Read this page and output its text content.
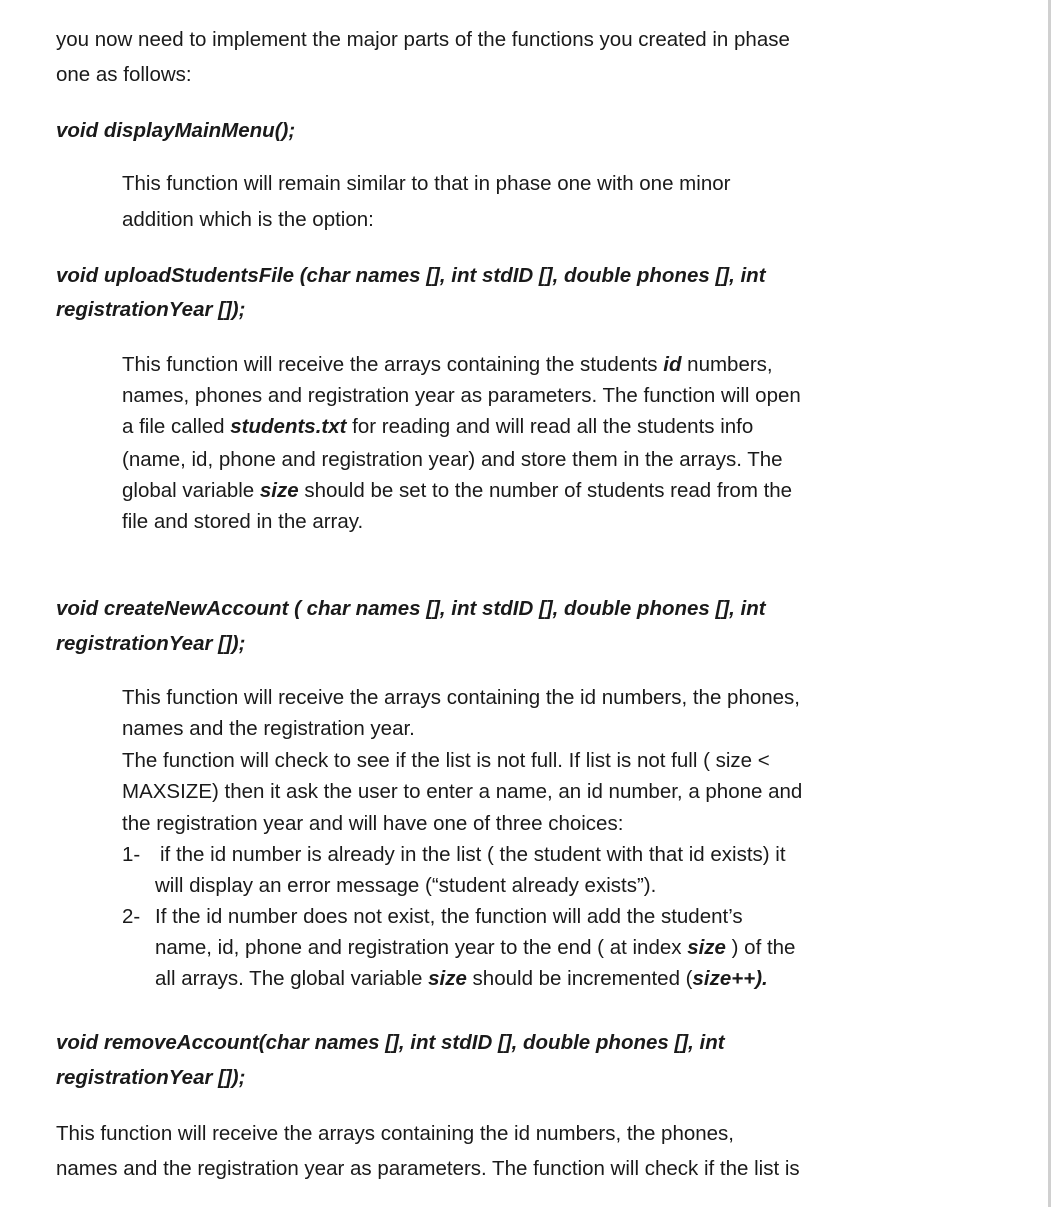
you now need to implement the major parts of the functions you created in phase
one as follows:
void displayMainMenu();
This function will remain similar to that in phase one with one minor
addition which is the option:
void uploadStudentsFile (char names [], int stdID [], double phones [], int
registrationYear []);
This function will receive the arrays containing the students id numbers,
names, phones and registration year as parameters. The function will open
a file called students.txt for reading and will read all the students info
(name, id, phone and registration year) and store them in the arrays. The
global variable size should be set to the number of students read from the
file and stored in the array.
void createNewAccount ( char names [], int stdID [], double phones [], int
registrationYear []);
This function will receive the arrays containing the id numbers, the phones,
names and the registration year.
The function will check to see if the list is not full. If list is not full ( size <
MAXSIZE) then it ask the user to enter a name, an id number, a phone and
the registration year and will have one of three choices:
1- if the id number is already in the list ( the student with that id exists) it
will display an error message (“student already exists”).
2- If the id number does not exist, the function will add the student’s
name, id, phone and registration year to the end ( at index size ) of the
all arrays. The global variable size should be incremented (size++).
void removeAccount(char names [], int stdID [], double phones [], int
registrationYear []);
This function will receive the arrays containing the id numbers, the phones,
names and the registration year as parameters. The function will check if the list is
